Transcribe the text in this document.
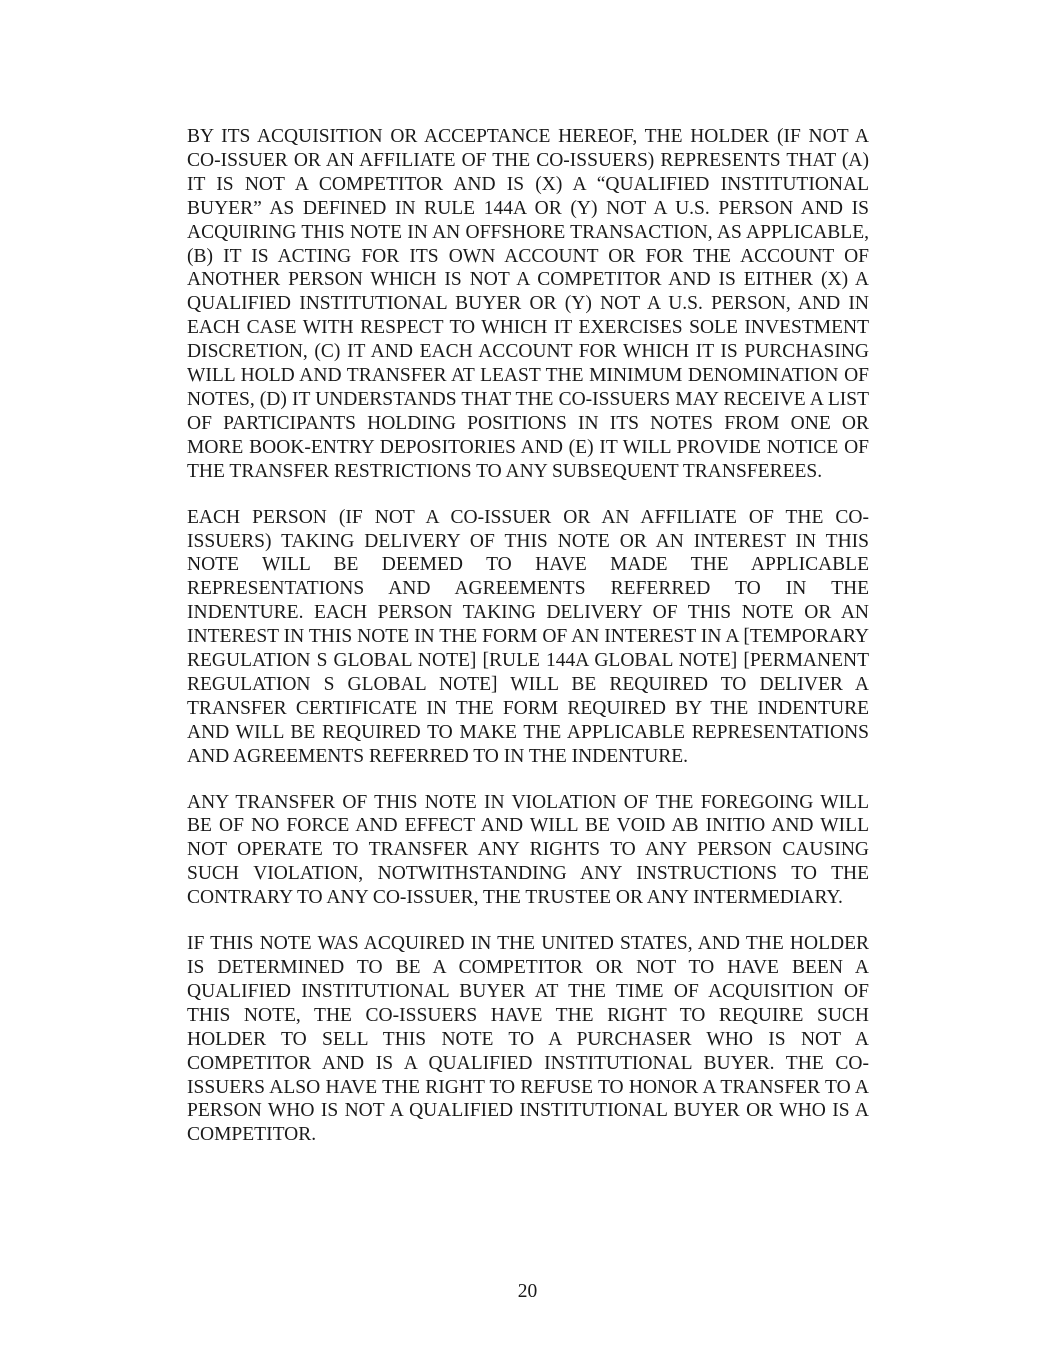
BY ITS ACQUISITION OR ACCEPTANCE HEREOF, THE HOLDER (IF NOT A CO-ISSUER OR AN AFFILIATE OF THE CO-ISSUERS) REPRESENTS THAT (A) IT IS NOT A COMPETITOR AND IS (X) A “QUALIFIED INSTITUTIONAL BUYER” AS DEFINED IN RULE 144A OR (Y) NOT A U.S. PERSON AND IS ACQUIRING THIS NOTE IN AN OFFSHORE TRANSACTION, AS APPLICABLE, (B) IT IS ACTING FOR ITS OWN ACCOUNT OR FOR THE ACCOUNT OF ANOTHER PERSON WHICH IS NOT A COMPETITOR AND IS EITHER (X) A QUALIFIED INSTITUTIONAL BUYER OR (Y) NOT A U.S. PERSON, AND IN EACH CASE WITH RESPECT TO WHICH IT EXERCISES SOLE INVESTMENT DISCRETION, (C) IT AND EACH ACCOUNT FOR WHICH IT IS PURCHASING WILL HOLD AND TRANSFER AT LEAST THE MINIMUM DENOMINATION OF NOTES, (D) IT UNDERSTANDS THAT THE CO-ISSUERS MAY RECEIVE A LIST OF PARTICIPANTS HOLDING POSITIONS IN ITS NOTES FROM ONE OR MORE BOOK-ENTRY DEPOSITORIES AND (E) IT WILL PROVIDE NOTICE OF THE TRANSFER RESTRICTIONS TO ANY SUBSEQUENT TRANSFEREES.

EACH PERSON (IF NOT A CO-ISSUER OR AN AFFILIATE OF THE CO-ISSUERS) TAKING DELIVERY OF THIS NOTE OR AN INTEREST IN THIS NOTE WILL BE DEEMED TO HAVE MADE THE APPLICABLE REPRESENTATIONS AND AGREEMENTS REFERRED TO IN THE INDENTURE. EACH PERSON TAKING DELIVERY OF THIS NOTE OR AN INTEREST IN THIS NOTE IN THE FORM OF AN INTEREST IN A [TEMPORARY REGULATION S GLOBAL NOTE] [RULE 144A GLOBAL NOTE] [PERMANENT REGULATION S GLOBAL NOTE] WILL BE REQUIRED TO DELIVER A TRANSFER CERTIFICATE IN THE FORM REQUIRED BY THE INDENTURE AND WILL BE REQUIRED TO MAKE THE APPLICABLE REPRESENTATIONS AND AGREEMENTS REFERRED TO IN THE INDENTURE.

ANY TRANSFER OF THIS NOTE IN VIOLATION OF THE FOREGOING WILL BE OF NO FORCE AND EFFECT AND WILL BE VOID AB INITIO AND WILL NOT OPERATE TO TRANSFER ANY RIGHTS TO ANY PERSON CAUSING SUCH VIOLATION, NOTWITHSTANDING ANY INSTRUCTIONS TO THE CONTRARY TO ANY CO-ISSUER, THE TRUSTEE OR ANY INTERMEDIARY.

IF THIS NOTE WAS ACQUIRED IN THE UNITED STATES, AND THE HOLDER IS DETERMINED TO BE A COMPETITOR OR NOT TO HAVE BEEN A QUALIFIED INSTITUTIONAL BUYER AT THE TIME OF ACQUISITION OF THIS NOTE, THE CO-ISSUERS HAVE THE RIGHT TO REQUIRE SUCH HOLDER TO SELL THIS NOTE TO A PURCHASER WHO IS NOT A COMPETITOR AND IS A QUALIFIED INSTITUTIONAL BUYER. THE CO-ISSUERS ALSO HAVE THE RIGHT TO REFUSE TO HONOR A TRANSFER TO A PERSON WHO IS NOT A QUALIFIED INSTITUTIONAL BUYER OR WHO IS A COMPETITOR.

20
